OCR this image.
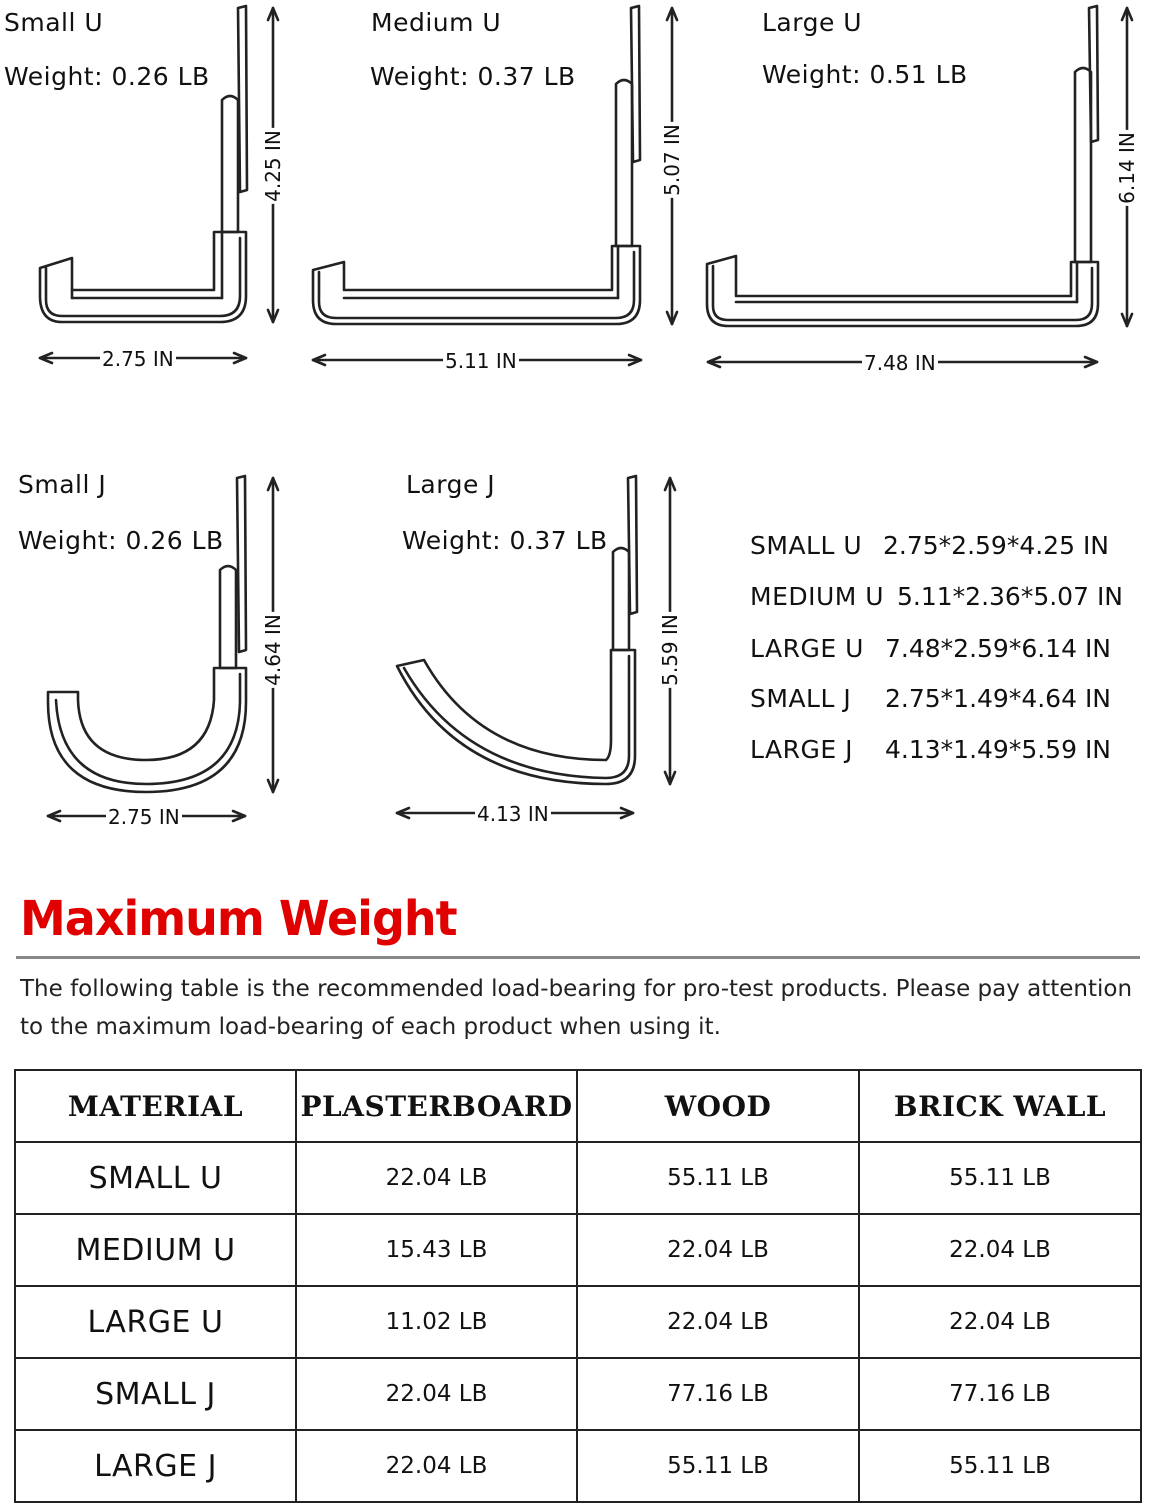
Small U
Weight: 0.26 LB
4.25 IN
2.75 IN
Medium U
Weight: 0.37 LB
5.07 IN
5.11 IN
Large U
Weight: 0.51 LB
6.14 IN
7.48 IN
Small J
Weight: 0.26 LB
4.64 IN
2.75 IN
Large J
Weight: 0.37 LB
5.59 IN
4.13 IN
SMALL U 2.75*2.59*4.25 IN
MEDIUM U 5.11*2.36*5.07 IN
LARGE U 7.48*2.59*6.14 IN
SMALL J 2.75*1.49*4.64 IN
LARGE J 4.13*1.49*5.59 IN
Maximum Weight
The following table is the recommended load-bearing for pro-test products. Please pay attention to the maximum load-bearing of each product when using it.
MATERIAL	PLASTERBOARD	WOOD	BRICK WALL
SMALL U	22.04 LB	55.11 LB	55.11 LB
MEDIUM U	15.43 LB	22.04 LB	22.04 LB
LARGE U	11.02 LB	22.04 LB	22.04 LB
SMALL J	22.04 LB	77.16 LB	77.16 LB
LARGE J	22.04 LB	55.11 LB	55.11 LB
